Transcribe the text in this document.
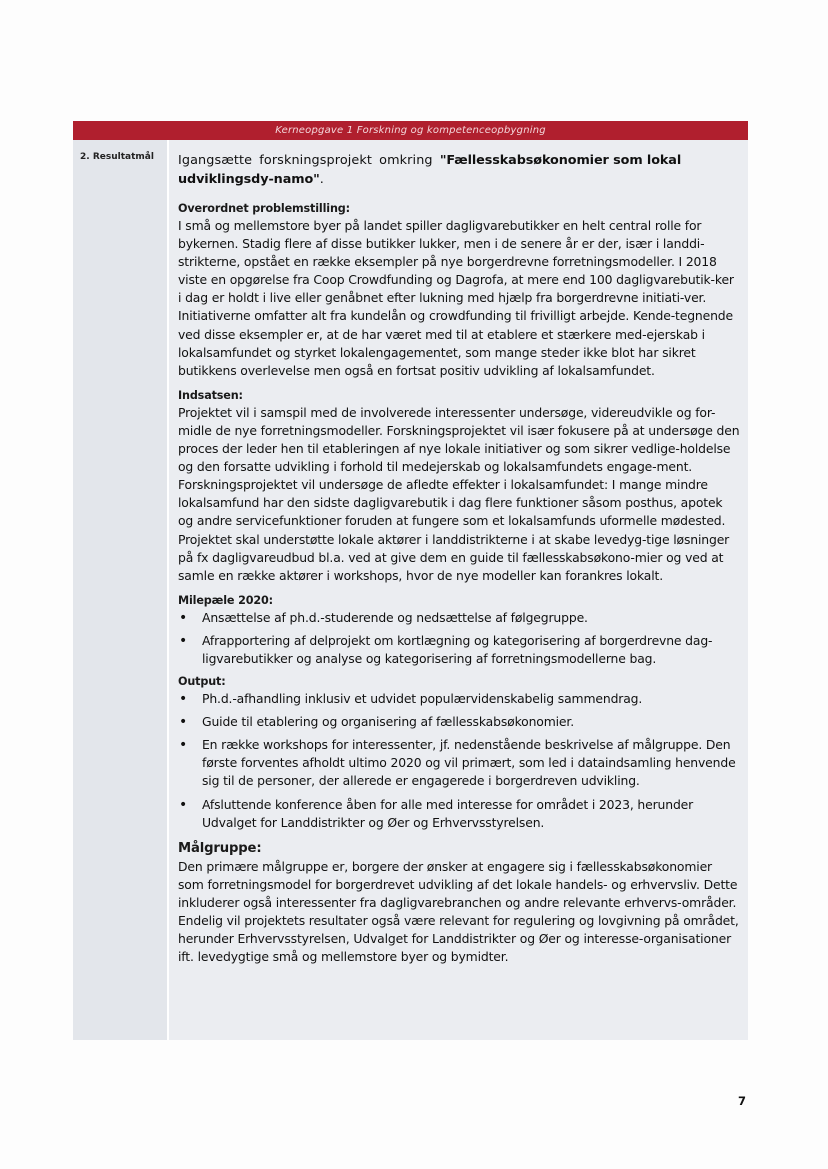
Kerneopgave 1 Forskning og kompetenceopbygning
2. Resultatmål	Igangsætte forskningsprojekt omkring "Fællesskabsøkonomier som lokal udviklingsdy-namo".
Overordnet problemstilling:

I små og mellemstore byer på landet spiller dagligvarebutikker en helt central rolle for bykernen. Stadig flere af disse butikker lukker, men i de senere år er der, især i landdi-strikterne, opstået en række eksempler på nye borgerdrevne forretningsmodeller. I 2018 viste en opgørelse fra Coop Crowdfunding og Dagrofa, at mere end 100 dagligvarebutik-ker i dag er holdt i live eller genåbnet efter lukning med hjælp fra borgerdrevne initiati-ver. Initiativerne omfatter alt fra kundelån og crowdfunding til frivilligt arbejde. Kende-tegnende ved disse eksempler er, at de har været med til at etablere et stærkere med-ejerskab i lokalsamfundet og styrket lokalengagementet, som mange steder ikke blot har sikret butikkens overlevelse men også en fortsat positiv udvikling af lokalsamfundet.

Indsatsen:

Projektet vil i samspil med de involverede interessenter undersøge, videreudvikle og for-midle de nye forretningsmodeller. Forskningsprojektet vil især fokusere på at undersøge den proces der leder hen til etableringen af nye lokale initiativer og som sikrer vedlige-holdelse og den forsatte udvikling i forhold til medejerskab og lokalsamfundets engage-ment. Forskningsprojektet vil undersøge de afledte effekter i lokalsamfundet: I mange mindre lokalsamfund har den sidste dagligvarebutik i dag flere funktioner såsom posthus, apotek og andre servicefunktioner foruden at fungere som et lokalsamfunds uformelle mødested. Projektet skal understøtte lokale aktører i landdistrikterne i at skabe levedyg-tige løsninger på fx dagligvareudbud bl.a. ved at give dem en guide til fællesskabsøkono-mier og ved at samle en række aktører i workshops, hvor de nye modeller kan forankres lokalt.

Milepæle 2020:
• Ansættelse af ph.d.-studerende og nedsættelse af følgegruppe.
• Afrapportering af delprojekt om kortlægning og kategorisering af borgerdrevne dag-ligvarebutikker og analyse og kategorisering af forretningsmodellerne bag.
Output:
• Ph.d.-afhandling inklusiv et udvidet populærvidenskabelig sammendrag.
• Guide til etablering og organisering af fællesskabsøkonomier.
• En række workshops for interessenter, jf. nedenstående beskrivelse af målgruppe. Den første forventes afholdt ultimo 2020 og vil primært, som led i dataindsamling henvende sig til de personer, der allerede er engagerede i borgerdreven udvikling.
• Afsluttende konference åben for alle med interesse for området i 2023, herunder Udvalget for Landdistrikter og Øer og Erhvervsstyrelsen.
Målgruppe:

Den primære målgruppe er, borgere der ønsker at engagere sig i fællesskabsøkonomier som forretningsmodel for borgerdrevet udvikling af det lokale handels- og erhvervsliv. Dette inkluderer også interessenter fra dagligvarebranchen og andre relevante erhvervs-områder. Endelig vil projektets resultater også være relevant for regulering og lovgivning på området, herunder Erhvervsstyrelsen, Udvalget for Landdistrikter og Øer og interesse-organisationer ift. levedygtige små og mellemstore byer og bymidter.

7
